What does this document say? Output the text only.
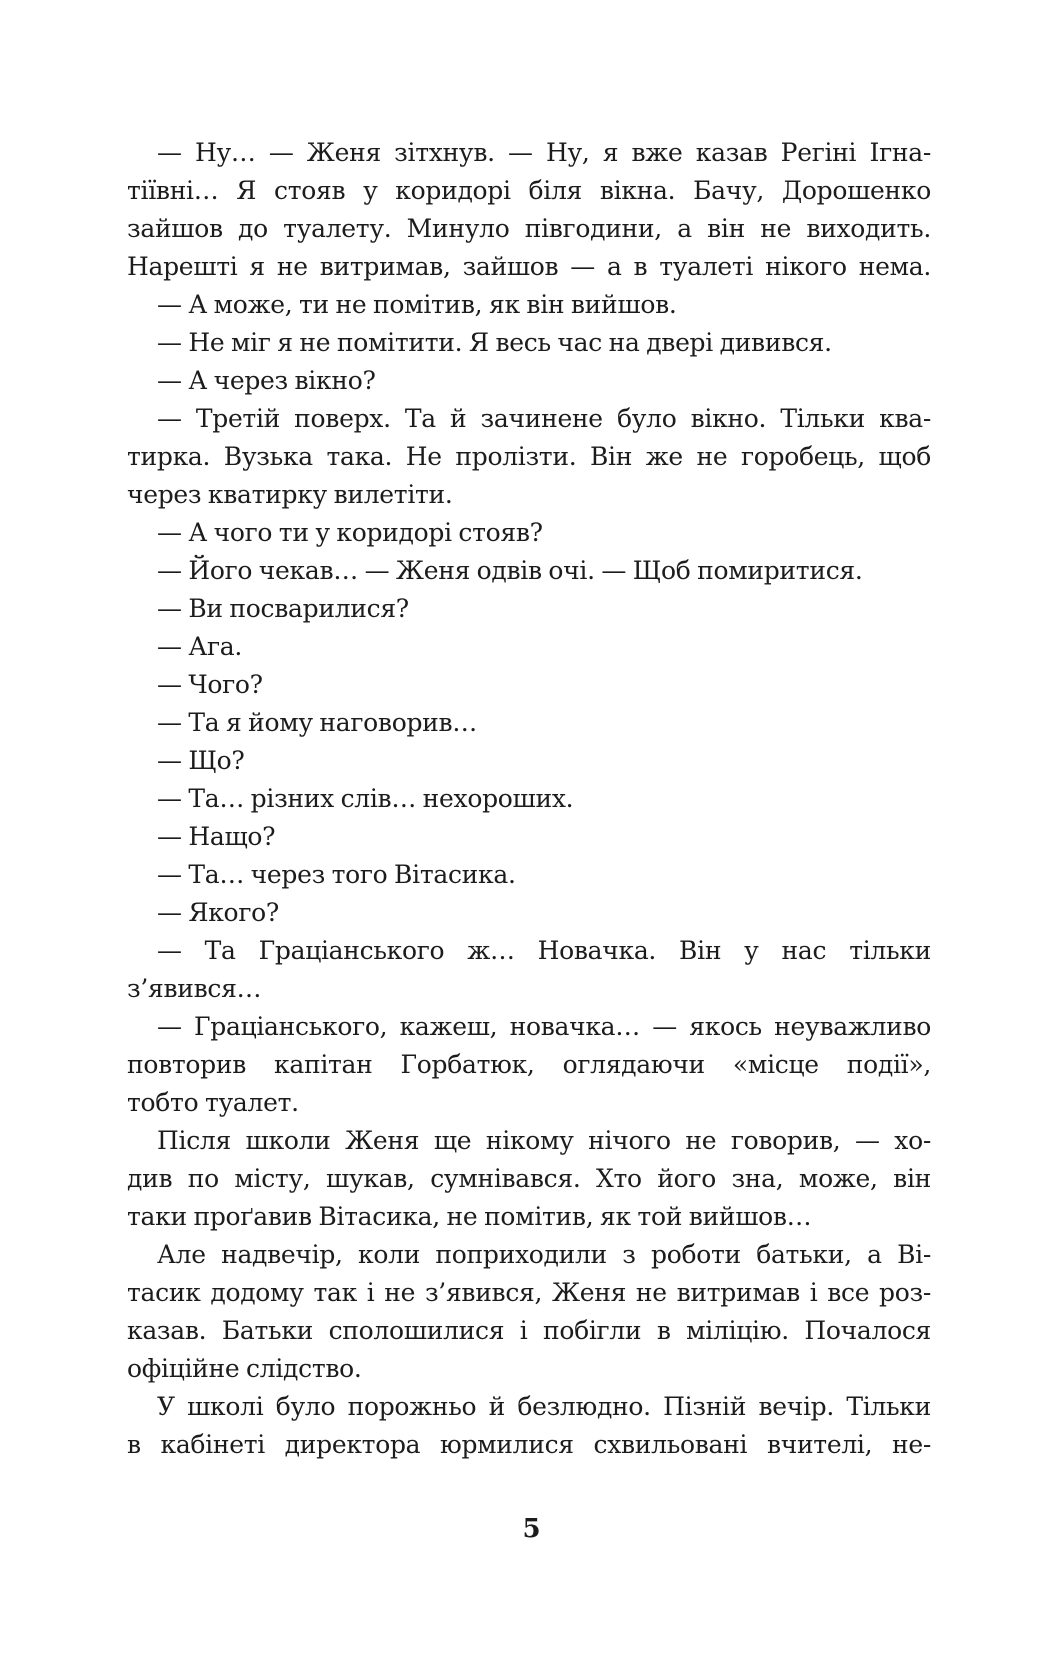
— Ну… — Женя зітхнув. — Ну, я вже казав Регіні Ігна-
тіївні… Я стояв у коридорі біля вікна. Бачу, Дорошенко
зайшов до туалету. Минуло півгодини, а він не виходить.
Нарешті я не витримав, зайшов — а в туалеті нікого нема.
— А може, ти не помітив, як він вийшов.
— Не міг я не помітити. Я весь час на двері дивився.
— А через вікно?
— Третій поверх. Та й зачинене було вікно. Тільки ква-
тирка. Вузька така. Не пролізти. Він же не горобець, щоб
через кватирку вилетіти.
— А чого ти у коридорі стояв?
— Його чекав… — Женя одвів очі. — Щоб помиритися.
— Ви посварилися?
— Ага.
— Чого?
— Та я йому наговорив…
— Що?
— Та… різних слів… нехороших.
— Нащо?
— Та… через того Вітасика.
— Якого?
— Та Граціанського ж… Новачка. Він у нас тільки
з’явився…
— Граціанського, кажеш, новачка… — якось неуважливо
повторив капітан Горбатюк, оглядаючи «місце події»,
тобто туалет.
Після школи Женя ще нікому нічого не говорив, — хо-
див по місту, шукав, сумнівався. Хто його зна, може, він
таки проґавив Вітасика, не помітив, як той вийшов…
Але надвечір, коли поприходили з роботи батьки, а Ві-
тасик додому так і не з’явився, Женя не витримав і все роз-
казав. Батьки сполошилися і побігли в міліцію. Почалося
офіційне слідство.
У школі було порожньо й безлюдно. Пізній вечір. Тільки
в кабінеті директора юрмилися схвильовані вчителі, не-
5
